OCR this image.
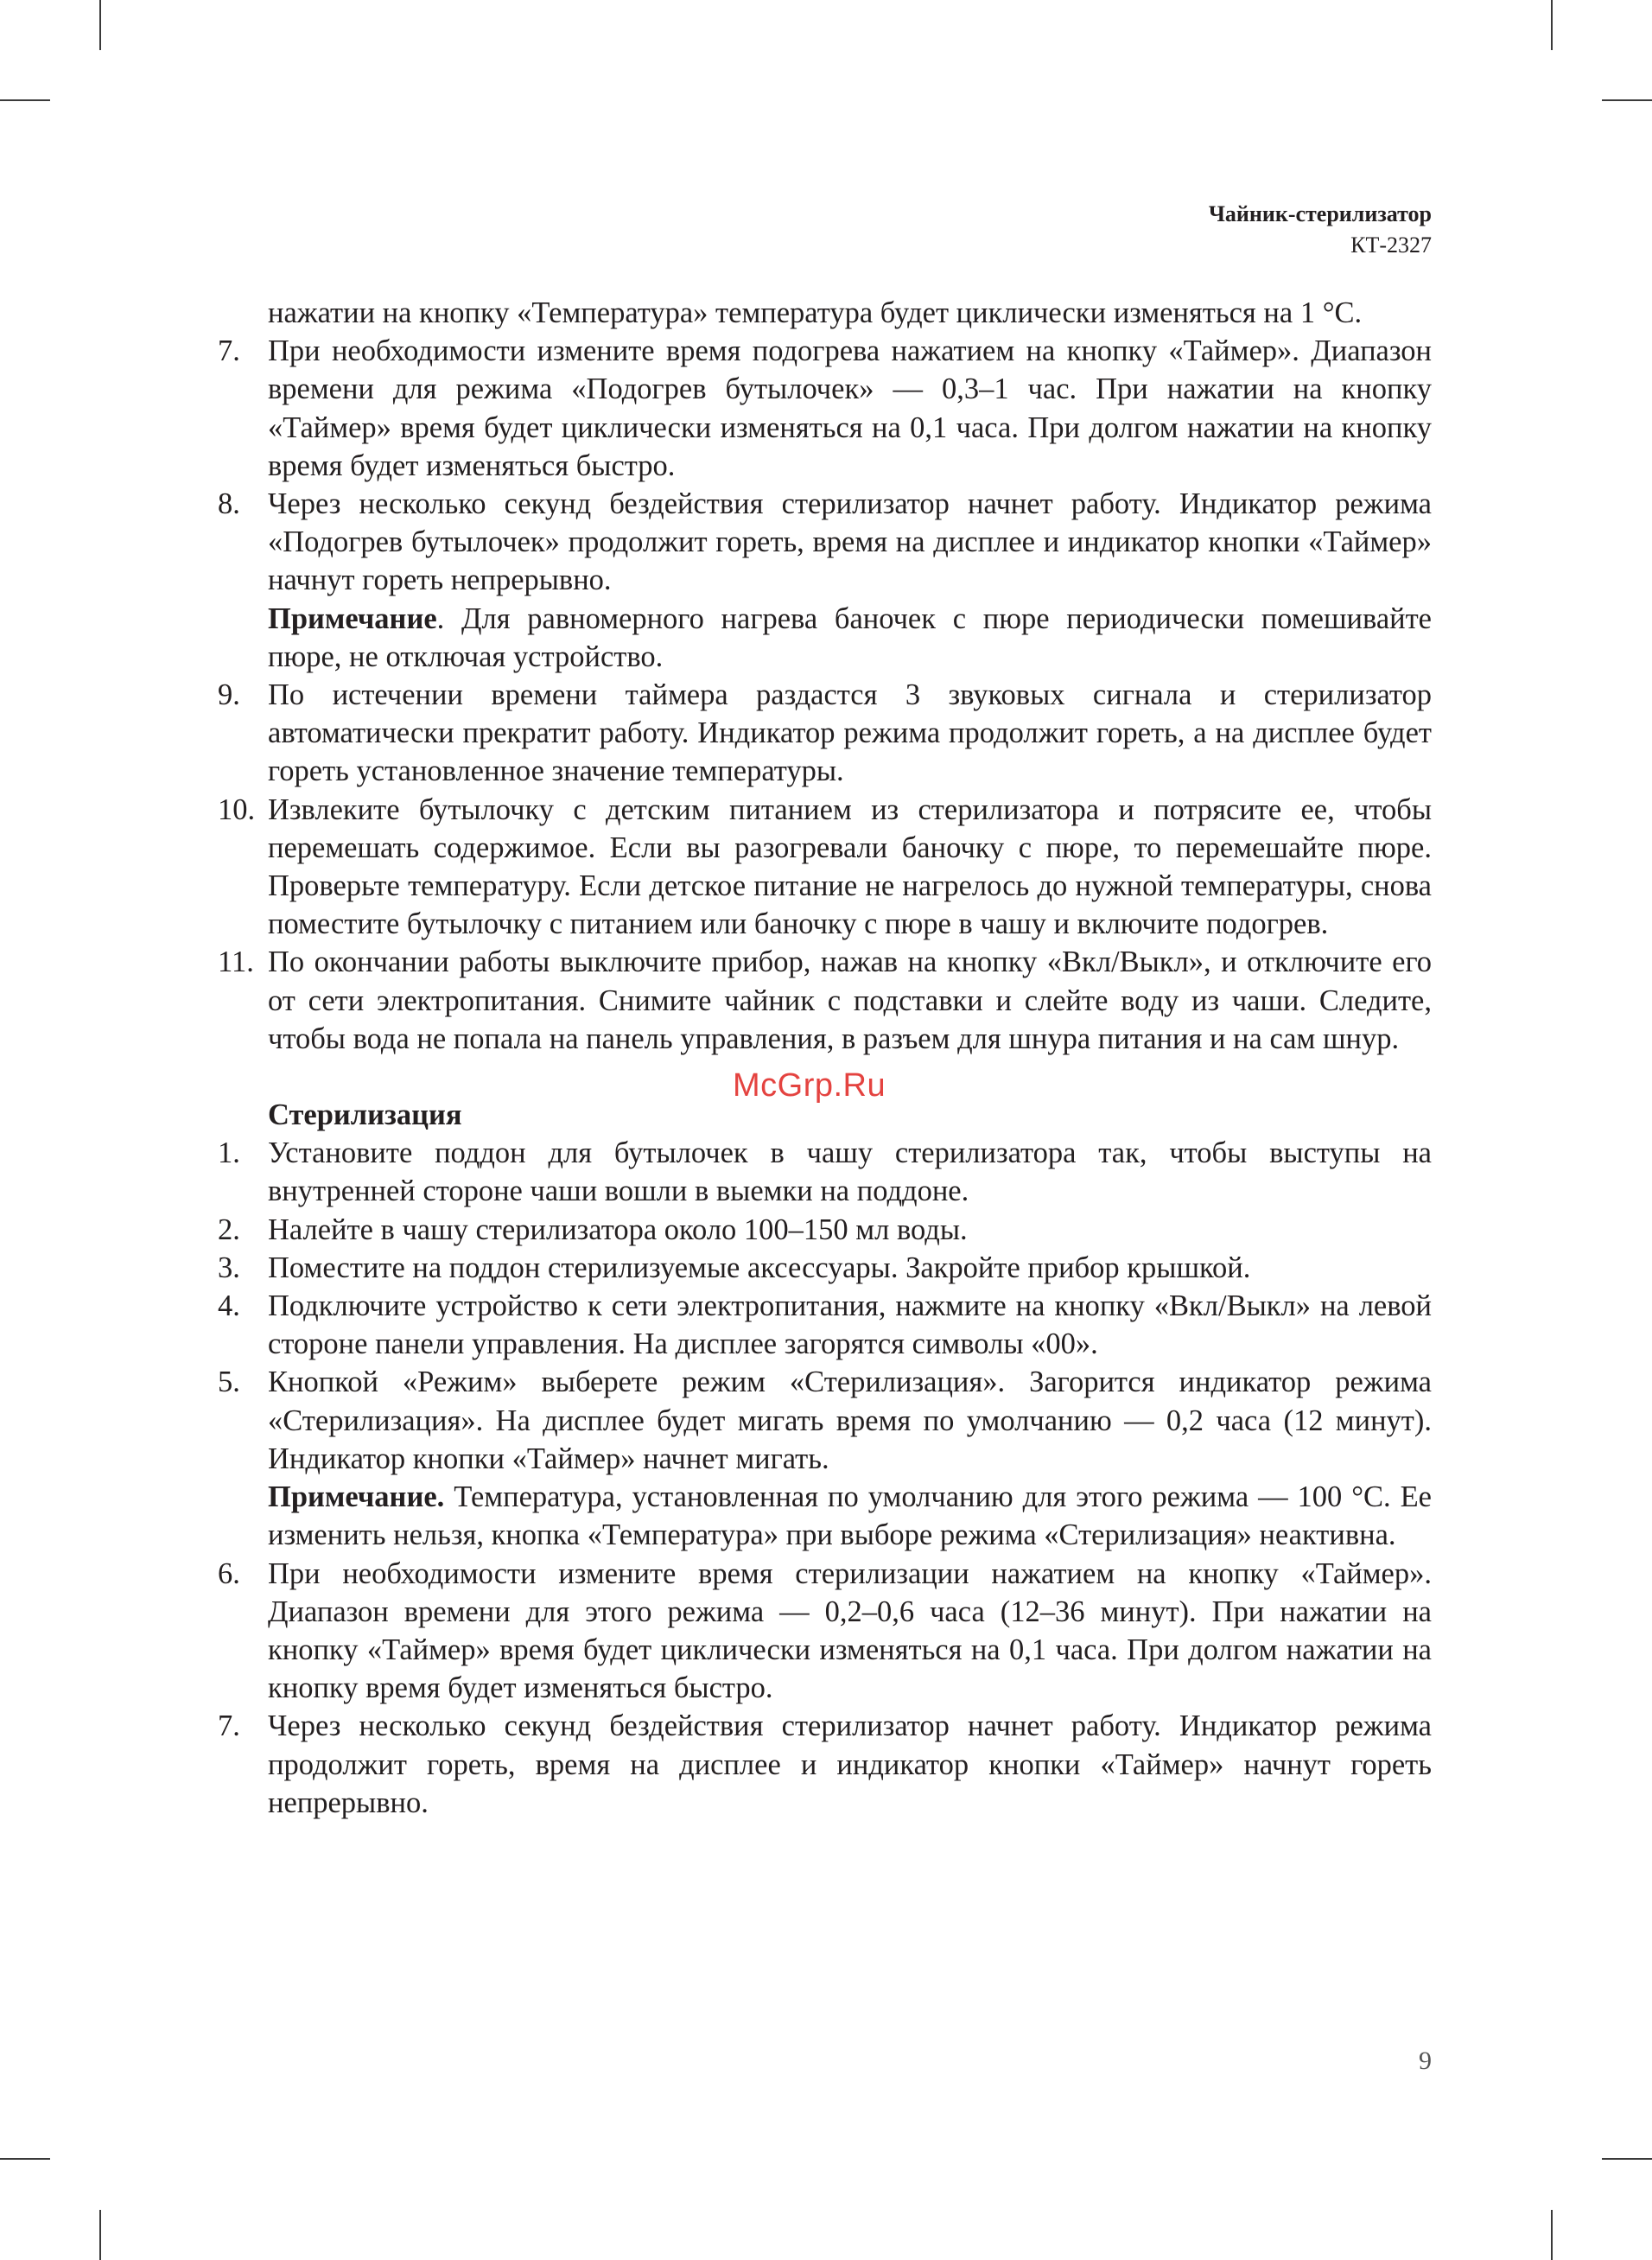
Чайник-стерилизатор
КТ-2327

нажатии на кнопку «Температура» температура будет циклически изменяться на 1 °C.

7. При необходимости измените время подогрева нажатием на кнопку «Таймер». Диапазон времени для режима «Подогрев бутылочек» — 0,3–1 час. При нажатии на кнопку «Таймер» время будет циклически изменяться на 0,1 часа. При долгом нажатии на кнопку время будет изменяться быстро.
8. Через несколько секунд бездействия стерилизатор начнет работу. Индикатор режима «Подогрев бутылочек» продолжит гореть, время на дисплее и индикатор кнопки «Таймер» начнут гореть непрерывно.

Примечание. Для равномерного нагрева баночек с пюре периодически помешивайте пюре, не отключая устройство.

9. По истечении времени таймера раздастся 3 звуковых сигнала и стерилизатор автоматически прекратит работу. Индикатор режима продолжит гореть, а на дисплее будет гореть установленное значение температуры.
10. Извлеките бутылочку с детским питанием из стерилизатора и потрясите ее, чтобы перемешать содержимое. Если вы разогревали баночку с пюре, то перемешайте пюре. Проверьте температуру. Если детское питание не нагрелось до нужной температуры, снова поместите бутылочку с питанием или баночку с пюре в чашу и включите подогрев.
11. По окончании работы выключите прибор, нажав на кнопку «Вкл/Выкл», и отключите его от сети электропитания. Снимите чайник с подставки и слейте воду из чаши. Следите, чтобы вода не попала на панель управления, в разъем для шнура питания и на сам шнур.
Стерилизация
1. Установите поддон для бутылочек в чашу стерилизатора так, чтобы выступы на внутренней стороне чаши вошли в выемки на поддоне.
2. Налейте в чашу стерилизатора около 100–150 мл воды.
3. Поместите на поддон стерилизуемые аксессуары. Закройте прибор крышкой.
4. Подключите устройство к сети электропитания, нажмите на кнопку «Вкл/Выкл» на левой стороне панели управления. На дисплее загорятся символы «00».
5. Кнопкой «Режим» выберете режим «Стерилизация». Загорится индикатор режима «Стерилизация». На дисплее будет мигать время по умолчанию — 0,2 часа (12 минут). Индикатор кнопки «Таймер» начнет мигать.

Примечание. Температура, установленная по умолчанию для этого режима — 100 °C. Ее изменить нельзя, кнопка «Температура» при выборе режима «Стерилизация» неактивна.

6. При необходимости измените время стерилизации нажатием на кнопку «Таймер». Диапазон времени для этого режима — 0,2–0,6 часа (12–36 минут). При нажатии на кнопку «Таймер» время будет циклически изменяться на 0,1 часа. При долгом нажатии на кнопку время будет изменяться быстро.
7. Через несколько секунд бездействия стерилизатор начнет работу. Индикатор режима продолжит гореть, время на дисплее и индикатор кнопки «Таймер» начнут гореть непрерывно.
McGrp.Ru
9
